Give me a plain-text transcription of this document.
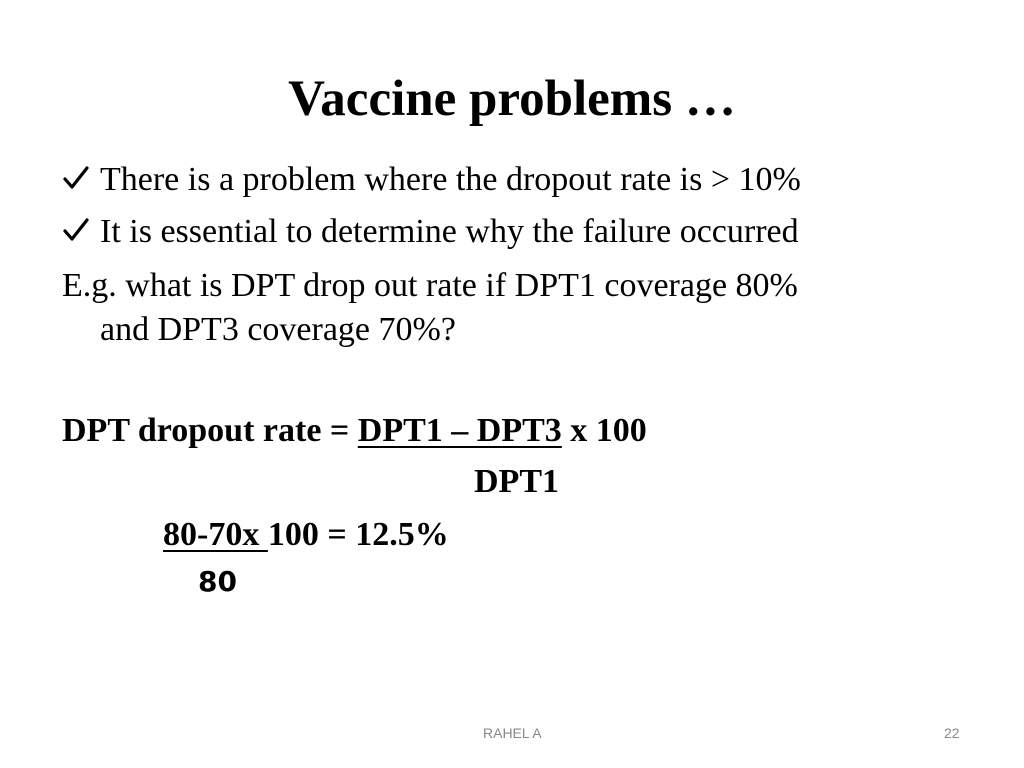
Vaccine problems …
There is a problem where the dropout rate is > 10%
It is essential to determine why the failure occurred
E.g. what is DPT drop out rate if DPT1 coverage 80%
and DPT3 coverage 70%?
DPT dropout rate = DPT1 – DPT3 x 100
DPT1
80-70x 100 = 12.5%
80
RAHEL A	22
